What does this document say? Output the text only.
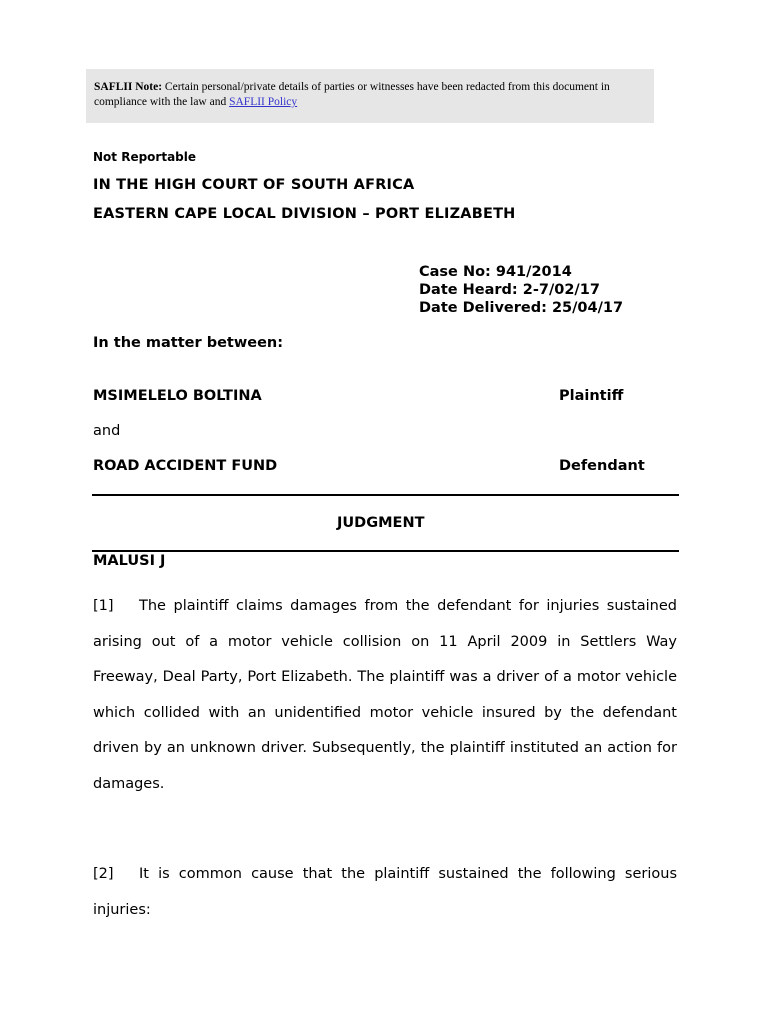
SAFLII Note: Certain personal/private details of parties or witnesses have been redacted from this document in compliance with the law and SAFLII Policy
Not Reportable
IN THE HIGH COURT OF SOUTH AFRICA
EASTERN CAPE LOCAL DIVISION – PORT ELIZABETH
Case No: 941/2014
Date Heard: 2-7/02/17
Date Delivered: 25/04/17
In the matter between:
MSIMELELO BOLTINA	Plaintiff
and
ROAD ACCIDENT FUND	Defendant
JUDGMENT
MALUSI J
[1] The plaintiff claims damages from the defendant for injuries sustained arising out of a motor vehicle collision on 11 April 2009 in Settlers Way Freeway, Deal Party, Port Elizabeth. The plaintiff was a driver of a motor vehicle which collided with an unidentified motor vehicle insured by the defendant driven by an unknown driver. Subsequently, the plaintiff instituted an action for damages.
[2] It is common cause that the plaintiff sustained the following serious injuries:
